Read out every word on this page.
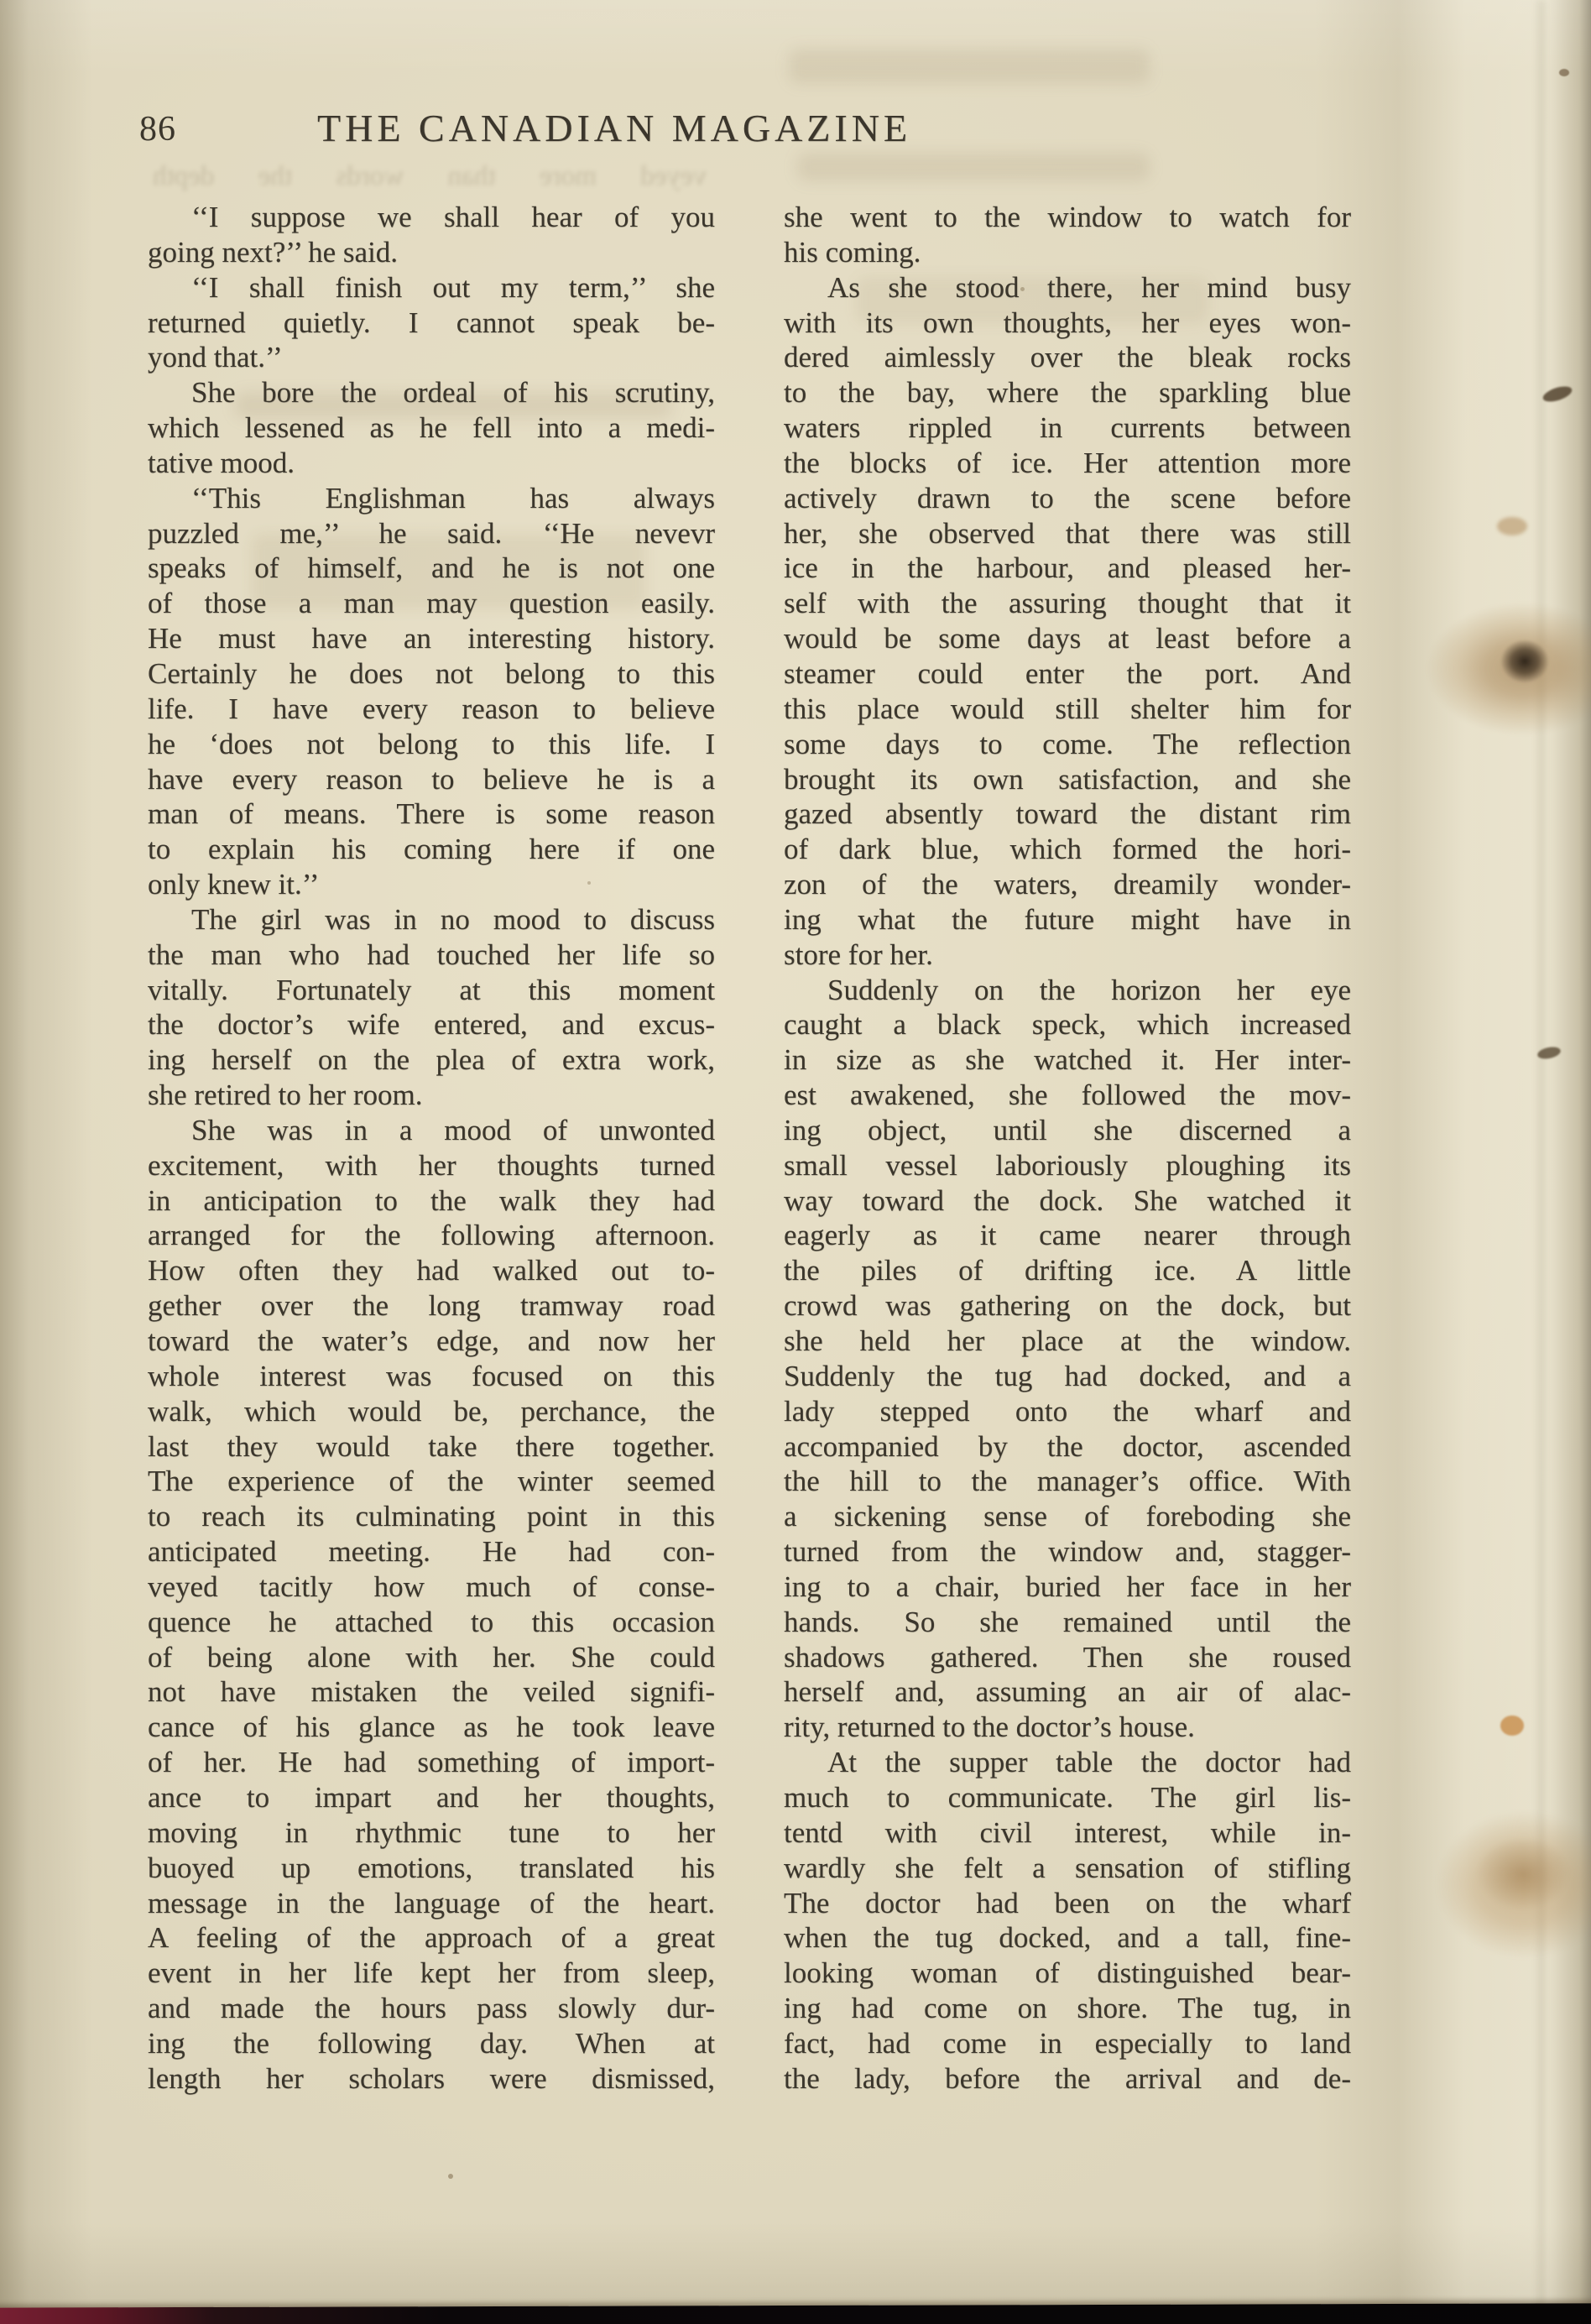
86	THE CANADIAN MAGAZINE
veyed more than words the depth
‘‘I suppose we shall hear of you
going next?’’ he said.
‘‘I shall finish out my term,’’ she
returned quietly. I cannot speak be-
yond that.’’
She bore the ordeal of his scrutiny,
which lessened as he fell into a medi-
tative mood.
‘‘This Englishman has always
puzzled me,’’ he said. ‘‘He nevevr
speaks of himself, and he is not one
of those a man may question easily.
He must have an interesting history.
Certainly he does not belong to this
life. I have every reason to believe
he ‘does not belong to this life. I
have every reason to believe he is a
man of means. There is some reason
to explain his coming here if one
only knew it.’’
The girl was in no mood to discuss
the man who had touched her life so
vitally. Fortunately at this moment
the doctor’s wife entered, and excus-
ing herself on the plea of extra work,
she retired to her room.
She was in a mood of unwonted
excitement, with her thoughts turned
in anticipation to the walk they had
arranged for the following afternoon.
How often they had walked out to-
gether over the long tramway road
toward the water’s edge, and now her
whole interest was focused on this
walk, which would be, perchance, the
last they would take there together.
The experience of the winter seemed
to reach its culminating point in this
anticipated meeting. He had con-
veyed tacitly how much of conse-
quence he attached to this occasion
of being alone with her. She could
not have mistaken the veiled signifi-
cance of his glance as he took leave
of her. He had something of import-
ance to impart and her thoughts,
moving in rhythmic tune to her
buoyed up emotions, translated his
message in the language of the heart.
A feeling of the approach of a great
event in her life kept her from sleep,
and made the hours pass slowly dur-
ing the following day. When at
length her scholars were dismissed,
she went to the window to watch for
his coming.
As she stood there, her mind busy
with its own thoughts, her eyes won-
dered aimlessly over the bleak rocks
to the bay, where the sparkling blue
waters rippled in currents between
the blocks of ice. Her attention more
actively drawn to the scene before
her, she observed that there was still
ice in the harbour, and pleased her-
self with the assuring thought that it
would be some days at least before a
steamer could enter the port. And
this place would still shelter him for
some days to come. The reflection
brought its own satisfaction, and she
gazed absently toward the distant rim
of dark blue, which formed the hori-
zon of the waters, dreamily wonder-
ing what the future might have in
store for her.
Suddenly on the horizon her eye
caught a black speck, which increased
in size as she watched it. Her inter-
est awakened, she followed the mov-
ing object, until she discerned a
small vessel laboriously ploughing its
way toward the dock. She watched it
eagerly as it came nearer through
the piles of drifting ice. A little
crowd was gathering on the dock, but
she held her place at the window.
Suddenly the tug had docked, and a
lady stepped onto the wharf and
accompanied by the doctor, ascended
the hill to the manager’s office. With
a sickening sense of foreboding she
turned from the window and, stagger-
ing to a chair, buried her face in her
hands. So she remained until the
shadows gathered. Then she roused
herself and, assuming an air of alac-
rity, returned to the doctor’s house.
At the supper table the doctor had
much to communicate. The girl lis-
tentd with civil interest, while in-
wardly she felt a sensation of stifling
The doctor had been on the wharf
when the tug docked, and a tall, fine-
looking woman of distinguished bear-
ing had come on shore. The tug, in
fact, had come in especially to land
the lady, before the arrival and de-
